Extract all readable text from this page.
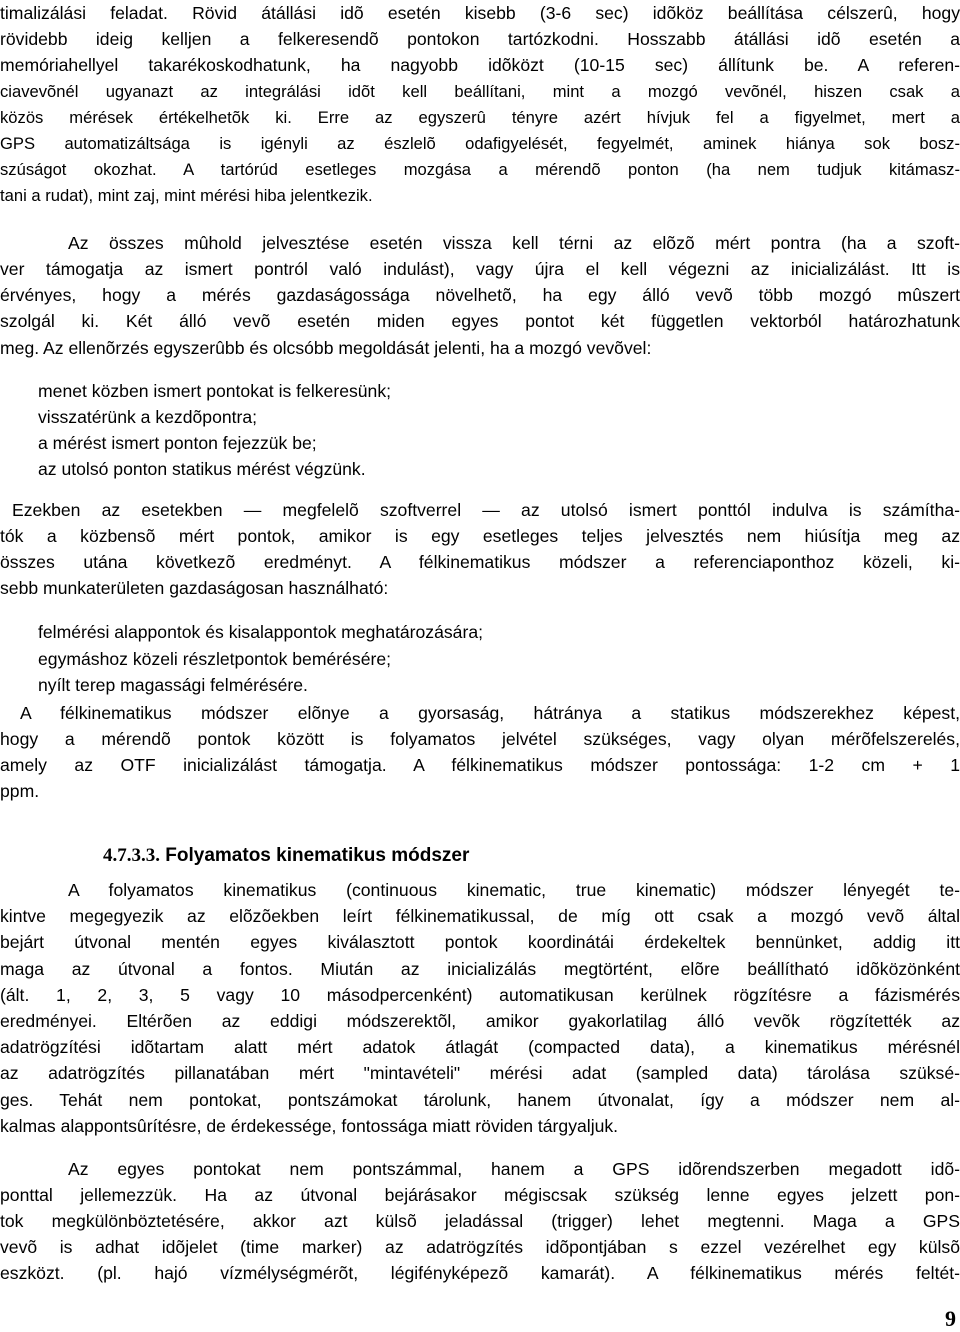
timalizálási feladat. Rövid átállási idõ esetén kisebb (3-6 sec) idõköz beállítása célszerû, hogy
rövidebb ideig kelljen a felkeresendõ pontokon tartózkodni. Hosszabb átállási idõ esetén a
memóriahellyel takarékoskodhatunk, ha nagyobb idõközt (10-15 sec) állítunk be. A referen-
ciavevõnél ugyanazt az integrálási idõt kell beállítani, mint a mozgó vevõnél, hiszen csak a
közös mérések értékelhetõk ki. Erre az egyszerû tényre azért hívjuk fel a figyelmet, mert a
GPS automatizáltsága is igényli az észlelõ odafigyelését, fegyelmét, aminek hiánya sok bosz-
szúságot okozhat. A tartórúd esetleges mozgása a mérendõ ponton (ha nem tudjuk kitámasz-
tani a rudat), mint zaj, mint mérési hiba jelentkezik.
Az összes mûhold jelvesztése esetén vissza kell térni az elõzõ mért pontra (ha a szoft-
ver támogatja az ismert pontról való indulást), vagy újra el kell végezni az inicializálást. Itt is
érvényes, hogy a mérés gazdaságossága növelhetõ, ha egy álló vevõ több mozgó mûszert
szolgál ki. Két álló vevõ esetén miden egyes pontot két független vektorból határozhatunk
meg. Az ellenõrzés egyszerûbb és olcsóbb megoldását jelenti, ha a mozgó vevõvel:
menet közben ismert pontokat is felkeresünk;
visszatérünk a kezdõpontra;
a mérést ismert ponton fejezzük be;
az utolsó ponton statikus mérést végzünk.
Ezekben az esetekben — megfelelõ szoftverrel — az utolsó ismert ponttól indulva is számítha-
tók a közbensõ mért pontok, amikor is egy esetleges teljes jelvesztés nem hiúsítja meg az
összes utána következõ eredményt. A félkinematikus módszer a referenciaponthoz közeli, ki-
sebb munkaterületen gazdaságosan használható:
felmérési alappontok és kisalappontok meghatározására;
egymáshoz közeli részletpontok bemérésére;
nyílt terep magassági felmérésére.
A félkinematikus módszer elõnye a gyorsaság, hátránya a statikus módszerekhez képest,
hogy a mérendõ pontok között is folyamatos jelvétel szükséges, vagy olyan mérõfelszerelés,
amely az OTF inicializálást támogatja. A félkinematikus módszer pontossága: 1-2 cm + 1
ppm.
4.7.3.3. Folyamatos kinematikus módszer
A folyamatos kinematikus (continuous kinematic, true kinematic) módszer lényegét te-
kintve megegyezik az elõzõekben leírt félkinematikussal, de míg ott csak a mozgó vevõ által
bejárt útvonal mentén egyes kiválasztott pontok koordinátái érdekeltek bennünket, addig itt
maga az útvonal a fontos. Miután az inicializálás megtörtént, elõre beállítható idõközönként
(ált. 1, 2, 3, 5 vagy 10 másodpercenként) automatikusan kerülnek rögzítésre a fázismérés
eredményei. Eltérõen az eddigi módszerektõl, amikor gyakorlatilag álló vevõk rögzítették az
adatrögzítési idõtartam alatt mért adatok átlagát (compacted data), a kinematikus mérésnél
az adatrögzítés pillanatában mért "mintavételi" mérési adat (sampled data) tárolása szüksé-
ges. Tehát nem pontokat, pontszámokat tárolunk, hanem útvonalat, így a módszer nem al-
kalmas alappontsûrítésre, de érdekessége, fontossága miatt röviden tárgyaljuk.
Az egyes pontokat nem pontszámmal, hanem a GPS idõrendszerben megadott idõ-
ponttal jellemezzük. Ha az útvonal bejárásakor mégiscsak szükség lenne egyes jelzett pon-
tok megkülönböztetésére, akkor azt külsõ jeladással (trigger) lehet megtenni. Maga a GPS
vevõ is adhat idõjelet (time marker) az adatrögzítés idõpontjában s ezzel vezérelhet egy külsõ
eszközt. (pl. hajó vízmélységmérõt, légifényképezõ kamarát). A félkinematikus mérés feltét-
9
